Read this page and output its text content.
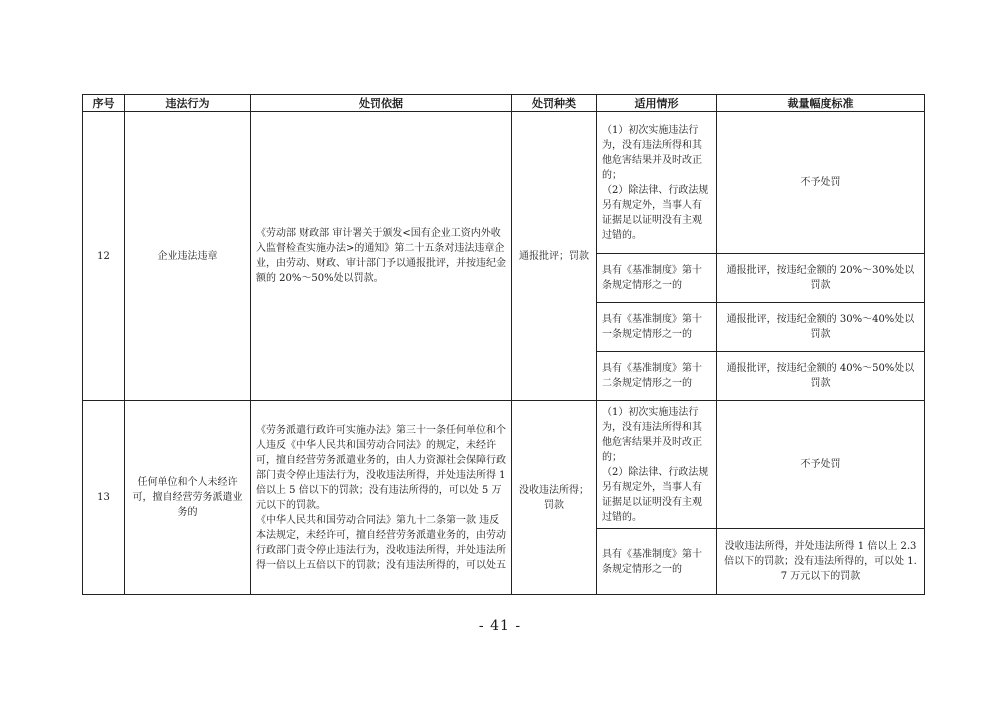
序号	违法行为	处罚依据	处罚种类	适用情形	裁量幅度标准
12	企业违法违章	《劳动部 财政部 审计署关于颁发<国有企业工资内外收入监督检查实施办法>的通知》第二十五条对违法违章企业，由劳动、财政、审计部门予以通报批评，并按违纪金额的 20%～50%处以罚款。	通报批评；罚款	（1）初次实施违法行为，没有违法所得和其他危害结果并及时改正的；
（2）除法律、行政法规另有规定外，当事人有证据足以证明没有主观过错的。	不予处罚
				具有《基准制度》第十条规定情形之一的	通报批评，按违纪金额的 20%～30%处以罚款
				具有《基准制度》第十一条规定情形之一的	通报批评，按违纪金额的 30%～40%处以罚款
				具有《基准制度》第十二条规定情形之一的	通报批评，按违纪金额的 40%～50%处以罚款
13	任何单位和个人未经许可，擅自经营劳务派遣业务的	《劳务派遣行政许可实施办法》第三十一条任何单位和个人违反《中华人民共和国劳动合同法》的规定，未经许可，擅自经营劳务派遣业务的，由人力资源社会保障行政部门责令停止违法行为，没收违法所得，并处违法所得 1 倍以上 5 倍以下的罚款；没有违法所得的，可以处 5 万元以下的罚款。
《中华人民共和国劳动合同法》第九十二条第一款 违反本法规定，未经许可，擅自经营劳务派遣业务的，由劳动行政部门责令停止违法行为，没收违法所得，并处违法所得一倍以上五倍以下的罚款；没有违法所得的，可以处五	没收违法所得；罚款	（1）初次实施违法行为，没有违法所得和其他危害结果并及时改正的；
（2）除法律、行政法规另有规定外，当事人有证据足以证明没有主观过错的。	不予处罚
				具有《基准制度》第十条规定情形之一的	没收违法所得，并处违法所得 1 倍以上 2.3 倍以下的罚款；没有违法所得的，可以处 1.7 万元以下的罚款
- 41 -
